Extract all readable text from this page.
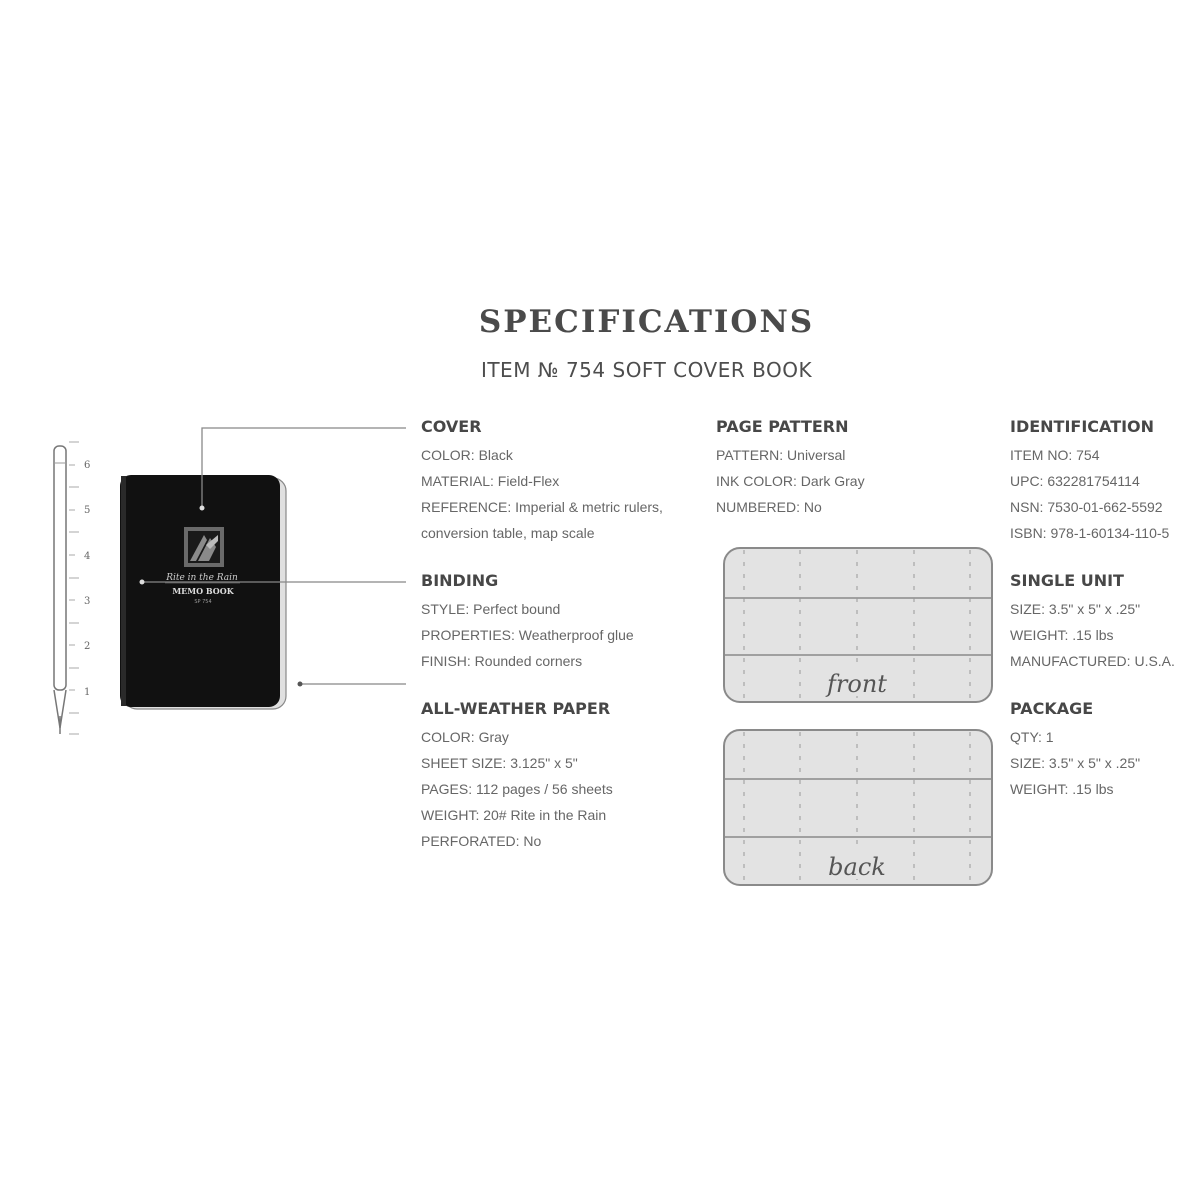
SPECIFICATIONS
ITEM № 754 SOFT COVER BOOK
6
5
4
3
2
1
Rite in the Rain
MEMO BOOK
SP 754
front
back
COVER
COLOR: Black
MATERIAL: Field-Flex
REFERENCE: Imperial & metric rulers, conversion table, map scale
BINDING
STYLE: Perfect bound
PROPERTIES: Weatherproof glue
FINISH: Rounded corners
ALL-WEATHER PAPER
COLOR: Gray
SHEET SIZE: 3.125" x 5"
PAGES: 112 pages / 56 sheets
WEIGHT: 20# Rite in the Rain
PERFORATED: No
PAGE PATTERN
PATTERN: Universal
INK COLOR: Dark Gray
NUMBERED: No
IDENTIFICATION
ITEM NO: 754
UPC: 632281754114
NSN: 7530-01-662-5592
ISBN: 978-1-60134-110-5
SINGLE UNIT
SIZE: 3.5" x 5" x .25"
WEIGHT: .15 lbs
MANUFACTURED: U.S.A.
PACKAGE
QTY: 1
SIZE: 3.5" x 5" x .25"
WEIGHT: .15 lbs
